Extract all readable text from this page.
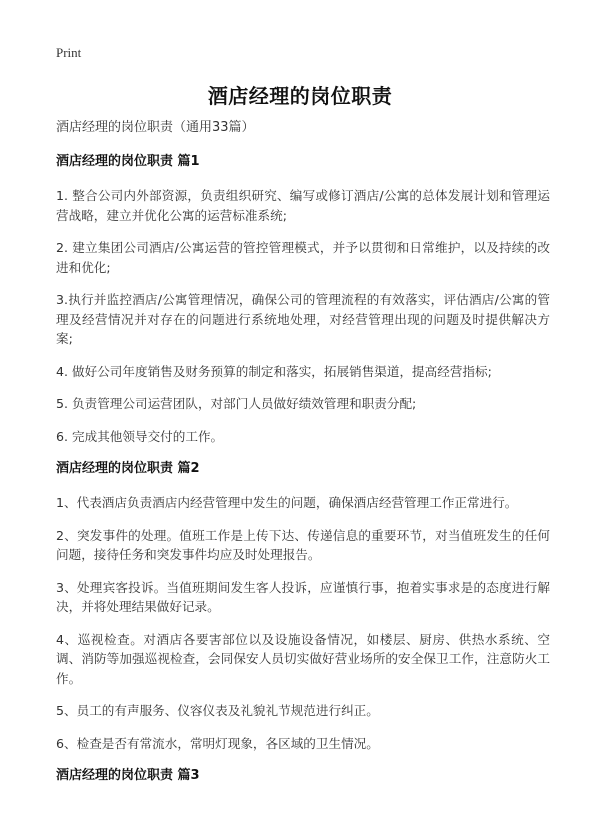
Print
酒店经理的岗位职责
酒店经理的岗位职责（通用33篇）
酒店经理的岗位职责 篇1
1. 整合公司内外部资源，负责组织研究、编写或修订酒店/公寓的总体发展计划和管理运营战略，建立并优化公寓的运营标准系统;
2. 建立集团公司酒店/公寓运营的管控管理模式，并予以贯彻和日常维护，以及持续的改进和优化;
3.执行并监控酒店/公寓管理情况，确保公司的管理流程的有效落实，评估酒店/公寓的管理及经营情况并对存在的问题进行系统地处理，对经营管理出现的问题及时提供解决方案;
4. 做好公司年度销售及财务预算的制定和落实，拓展销售渠道，提高经营指标;
5. 负责管理公司运营团队，对部门人员做好绩效管理和职责分配;
6. 完成其他领导交付的工作。
酒店经理的岗位职责 篇2
1、代表酒店负责酒店内经营管理中发生的问题，确保酒店经营管理工作正常进行。
2、突发事件的处理。值班工作是上传下达、传递信息的重要环节，对当值班发生的任何问题，接待任务和突发事件均应及时处理报告。
3、处理宾客投诉。当值班期间发生客人投诉，应谨慎行事，抱着实事求是的态度进行解决，并将处理结果做好记录。
4、巡视检查。对酒店各要害部位以及设施设备情况，如楼层、厨房、供热水系统、空调、消防等加强巡视检查，会同保安人员切实做好营业场所的安全保卫工作，注意防火工作。
5、员工的有声服务、仪容仪表及礼貌礼节规范进行纠正。
6、检查是否有常流水，常明灯现象，各区域的卫生情况。
酒店经理的岗位职责 篇3
